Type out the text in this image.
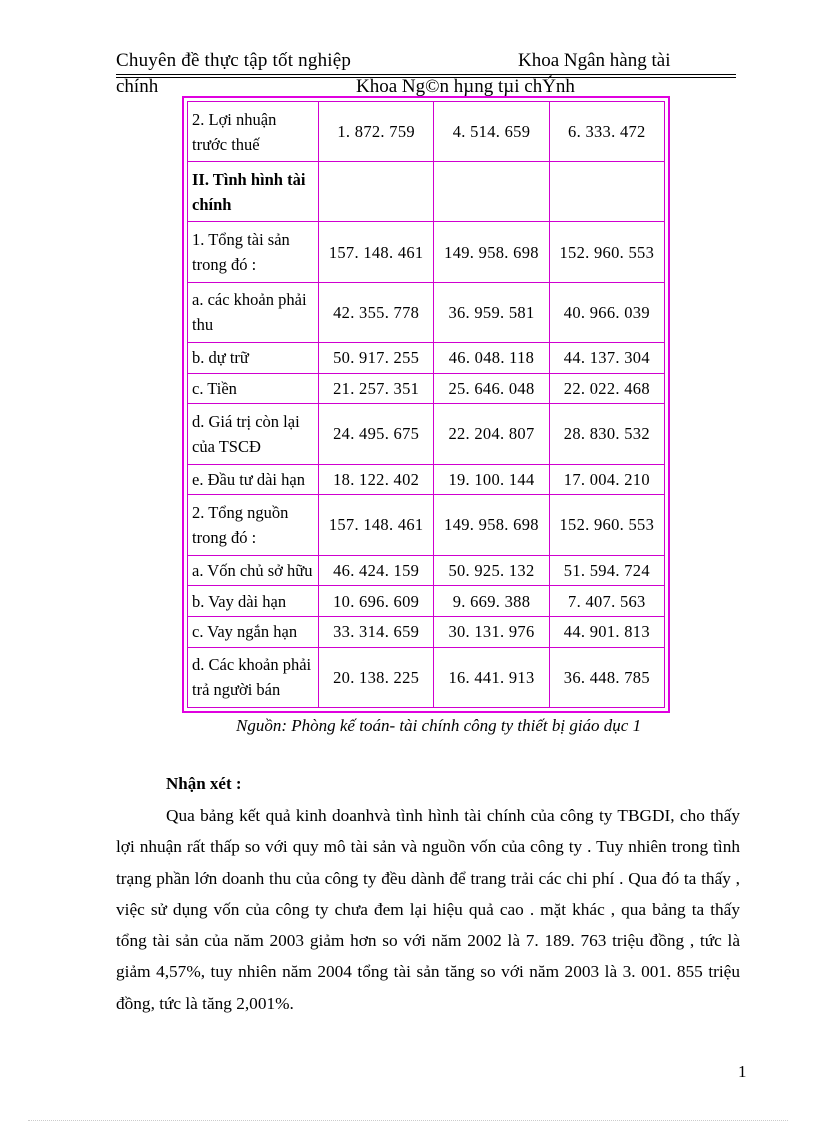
Chuyên đề thực tập tốt nghiệp	Khoa Ngân hàng tài
chính	Khoa Ng©n hµng tµi chÝnh
2. Lợi nhuận trước thuế	1. 872. 759	4. 514. 659	6. 333. 472
II. Tình hình tài chính			
1. Tổng tài sản trong đó :	157. 148. 461	149. 958. 698	152. 960. 553
a. các khoản phải thu	42. 355. 778	36. 959. 581	40. 966. 039
b. dự trữ	50. 917. 255	46. 048. 118	44. 137. 304
c. Tiền	21. 257. 351	25. 646. 048	22. 022. 468
d. Giá trị còn lại của TSCĐ	24. 495. 675	22. 204. 807	28. 830. 532
e. Đầu tư dài hạn	18. 122. 402	19. 100. 144	17. 004. 210
2. Tổng nguồn trong đó :	157. 148. 461	149. 958. 698	152. 960. 553
a. Vốn chủ sở hữu	46. 424. 159	50. 925. 132	51. 594. 724
b. Vay dài hạn	10. 696. 609	9. 669. 388	7. 407. 563
c. Vay ngắn hạn	33. 314. 659	30. 131. 976	44. 901. 813
d. Các khoản phải trả người bán	20. 138. 225	16. 441. 913	36. 448. 785
Nguồn: Phòng kế toán- tài chính công ty thiết bị giáo dục 1
Nhận xét :
Qua bảng kết quả kinh doanhvà tình hình tài chính của công ty TBGDI, cho thấy lợi nhuận rất thấp so với quy mô tài sản và nguồn vốn của công ty . Tuy nhiên trong tình trạng phần lớn doanh thu của công ty đều dành để trang trải các chi phí . Qua đó ta thấy , việc sử dụng vốn của công ty chưa đem lại hiệu quả cao . mặt khác , qua bảng ta thấy tổng tài sản của năm 2003 giảm hơn so với năm 2002 là 7. 189. 763 triệu đồng , tức là giảm 4,57%, tuy nhiên năm 2004 tổng tài sản tăng so với năm 2003 là 3. 001. 855 triệu đồng, tức là tăng 2,001%.
1
